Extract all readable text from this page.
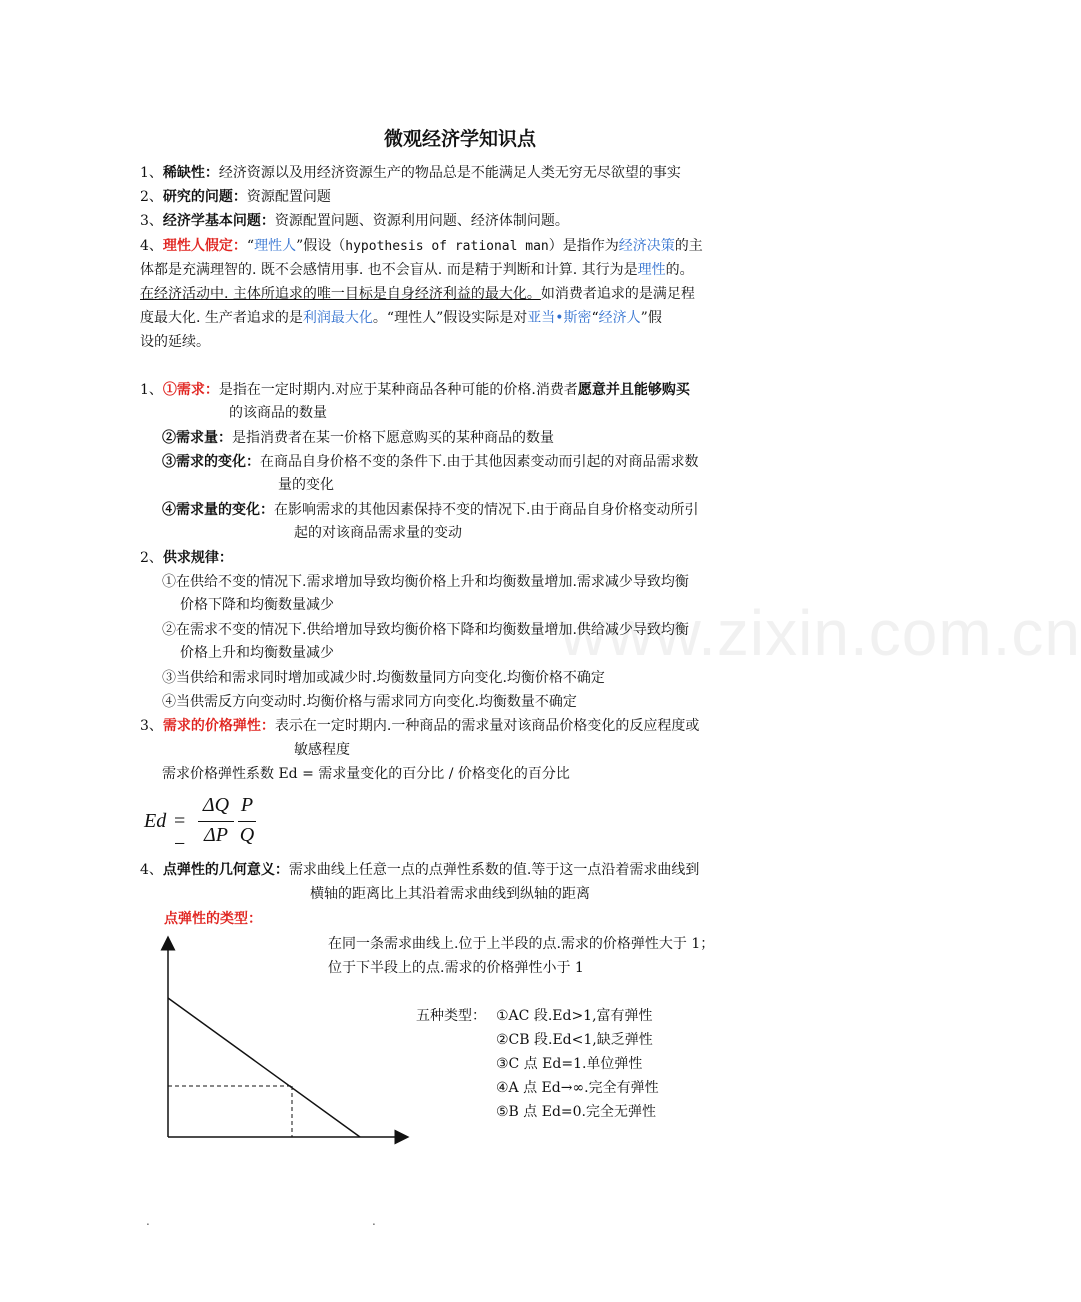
www.zixin.com.cn
微观经济学知识点
1、稀缺性：经济资源以及用经济资源生产的物品总是不能满足人类无穷无尽欲望的事实
2、研究的问题：资源配置问题
3、经济学基本问题：资源配置问题、资源利用问题、经济体制问题。
4、理性人假定：“理性人”假设（hypothesis of rational man）是指作为经济决策的主
体都是充满理智的. 既不会感情用事. 也不会盲从. 而是精于判断和计算. 其行为是理性的。
在经济活动中. 主体所追求的唯一目标是自身经济利益的最大化。如消费者追求的是满足程
度最大化. 生产者追求的是利润最大化。“理性人”假设实际是对亚当•斯密“经济人”假
设的延续。
1、①需求：是指在一定时期内.对应于某种商品各种可能的价格.消费者愿意并且能够购买
的该商品的数量
②需求量：是指消费者在某一价格下愿意购买的某种商品的数量
③需求的变化：在商品自身价格不变的条件下.由于其他因素变动而引起的对商品需求数
量的变化
④需求量的变化：在影响需求的其他因素保持不变的情况下.由于商品自身价格变动所引
起的对该商品需求量的变动
2、供求规律：
①在供给不变的情况下.需求增加导致均衡价格上升和均衡数量增加.需求减少导致均衡
价格下降和均衡数量减少
②在需求不变的情况下.供给增加导致均衡价格下降和均衡数量增加.供给减少导致均衡
价格上升和均衡数量减少
③当供给和需求同时增加或减少时.均衡数量同方向变化.均衡价格不确定
④当供需反方向变动时.均衡价格与需求同方向变化.均衡数量不确定
3、需求的价格弹性：表示在一定时期内.一种商品的需求量对该商品价格变化的反应程度或
敏感程度
需求价格弹性系数 Ed = 需求量变化的百分比 / 价格变化的百分比
Ed = −
ΔQ
ΔP
P
Q
4、点弹性的几何意义：需求曲线上任意一点的点弹性系数的值.等于这一点沿着需求曲线到
横轴的距离比上其沿着需求曲线到纵轴的距离
点弹性的类型：
在同一条需求曲线上.位于上半段的点.需求的价格弹性大于 1；
位于下半段上的点.需求的价格弹性小于 1
五种类型： ①AC 段.Ed>1,富有弹性
②CB 段.Ed<1,缺乏弹性
③C 点 Ed=1.单位弹性
④A 点 Ed→∞.完全有弹性
⑤B 点 Ed=0.完全无弹性
.	.
